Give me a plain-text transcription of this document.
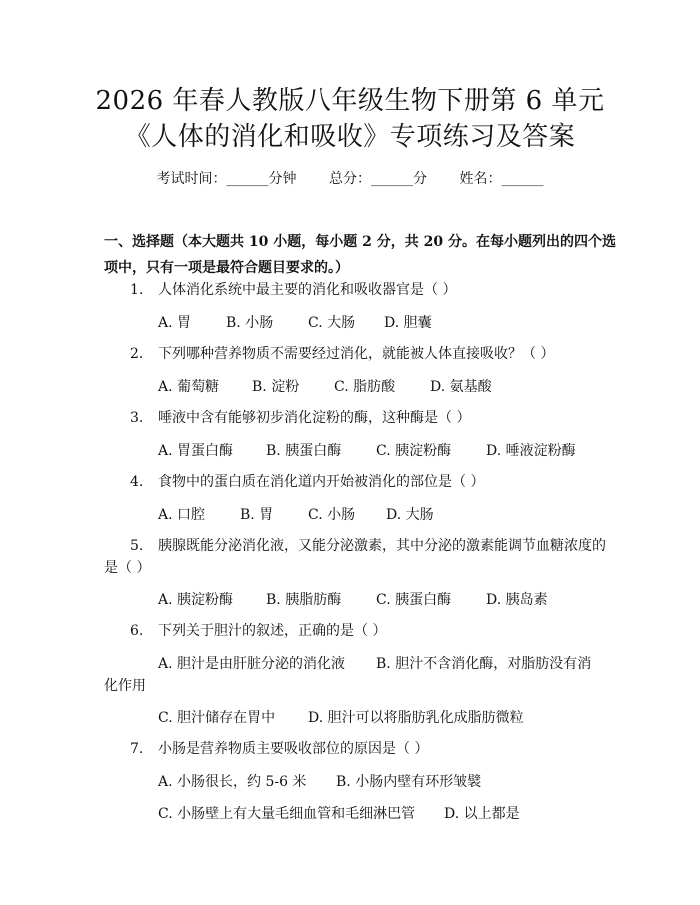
2026 年春人教版八年级生物下册第 6 单元
《人体的消化和吸收》专项练习及答案
考试时间：______分钟 总分：______分 姓名：______
一、选择题（本大题共 10 小题，每小题 2 分，共 20 分。在每小题列出的四个选项中，只有一项是最符合题目要求的。）
1. 人体消化系统中最主要的消化和吸收器官是（ ）
A. 胃 B. 小肠 C. 大肠 D. 胆囊
2. 下列哪种营养物质不需要经过消化，就能被人体直接吸收？（ ）
A. 葡萄糖 B. 淀粉 C. 脂肪酸 D. 氨基酸
3. 唾液中含有能够初步消化淀粉的酶，这种酶是（ ）
A. 胃蛋白酶 B. 胰蛋白酶 C. 胰淀粉酶 D. 唾液淀粉酶
4. 食物中的蛋白质在消化道内开始被消化的部位是（ ）
A. 口腔 B. 胃 C. 小肠 D. 大肠
5. 胰腺既能分泌消化液，又能分泌激素，其中分泌的激素能调节血糖浓度的
是（ ）
A. 胰淀粉酶 B. 胰脂肪酶 C. 胰蛋白酶 D. 胰岛素
6. 下列关于胆汁的叙述，正确的是（ ）
A. 胆汁是由肝脏分泌的消化液 B. 胆汁不含消化酶，对脂肪没有消
化作用
C. 胆汁储存在胃中 D. 胆汁可以将脂肪乳化成脂肪微粒
7. 小肠是营养物质主要吸收部位的原因是（ ）
A. 小肠很长，约 5-6 米 B. 小肠内壁有环形皱襞
C. 小肠壁上有大量毛细血管和毛细淋巴管 D. 以上都是
